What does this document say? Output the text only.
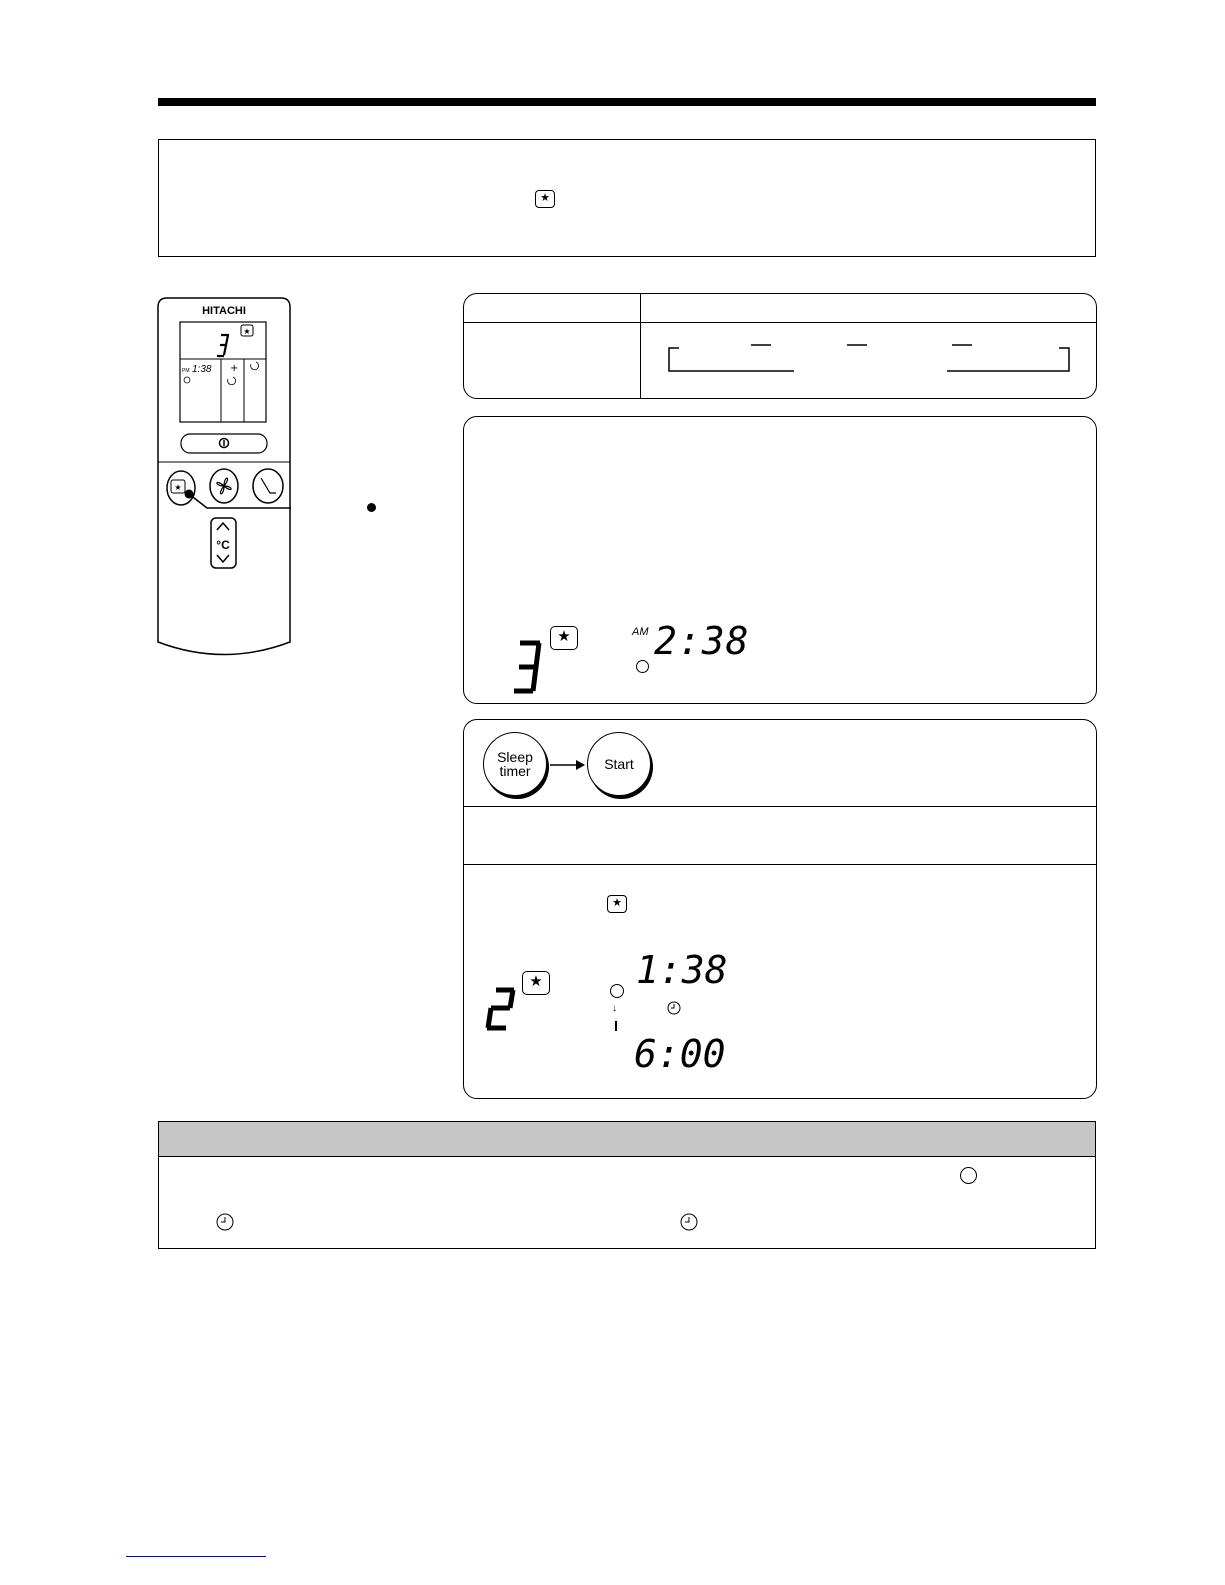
★
HITACHI
★
PM 1:38 +
★
°C
★	AM 2:38
Sleep timer	Start
★
★ 1:38
↓
6:00
